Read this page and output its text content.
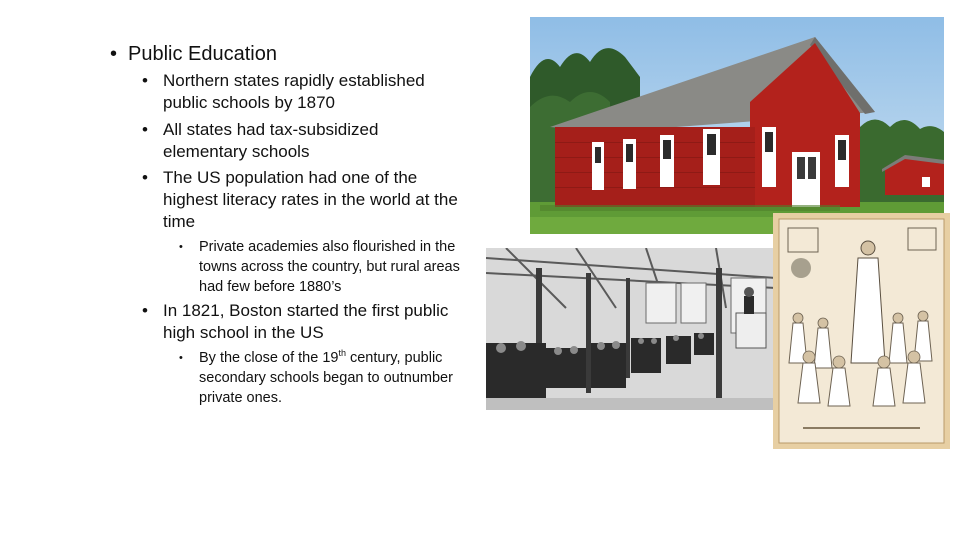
• Public Education
• Northern states rapidly established public schools by 1870
• All states had tax-subsidized elementary schools
• The US population had one of the highest literacy rates in the world at the time
• Private academies also flourished in the towns across the country, but rural areas had few before 1880’s
• In 1821, Boston started the first public high school in the US
• By the close of the 19th century, public secondary schools began to outnumber private ones.
